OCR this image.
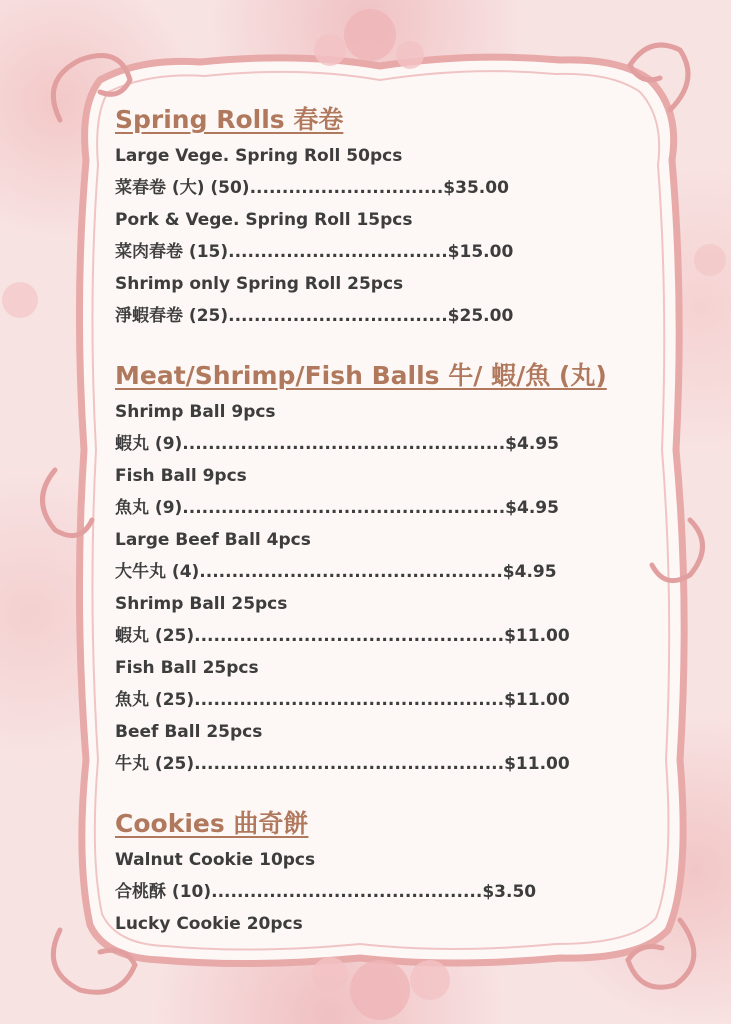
Spring Rolls 春卷
Large Vege. Spring Roll 50pcs
菜春卷 (大) (50)..............................$35.00
Pork & Vege. Spring Roll 15pcs
菜肉春卷 (15)..................................$15.00
Shrimp only Spring Roll 25pcs
淨蝦春卷 (25)..................................$25.00
Meat/Shrimp/Fish Balls 牛/ 蝦/魚 (丸)
Shrimp Ball 9pcs
蝦丸 (9)..................................................$4.95
Fish Ball 9pcs
魚丸 (9)..................................................$4.95
Large Beef Ball 4pcs
大牛丸 (4)...............................................$4.95
Shrimp Ball 25pcs
蝦丸 (25)................................................$11.00
Fish Ball 25pcs
魚丸 (25)................................................$11.00
Beef Ball 25pcs
牛丸 (25)................................................$11.00
Cookies 曲奇餅
Walnut Cookie 10pcs
合桃酥 (10)..........................................$3.50
Lucky Cookie 20pcs
